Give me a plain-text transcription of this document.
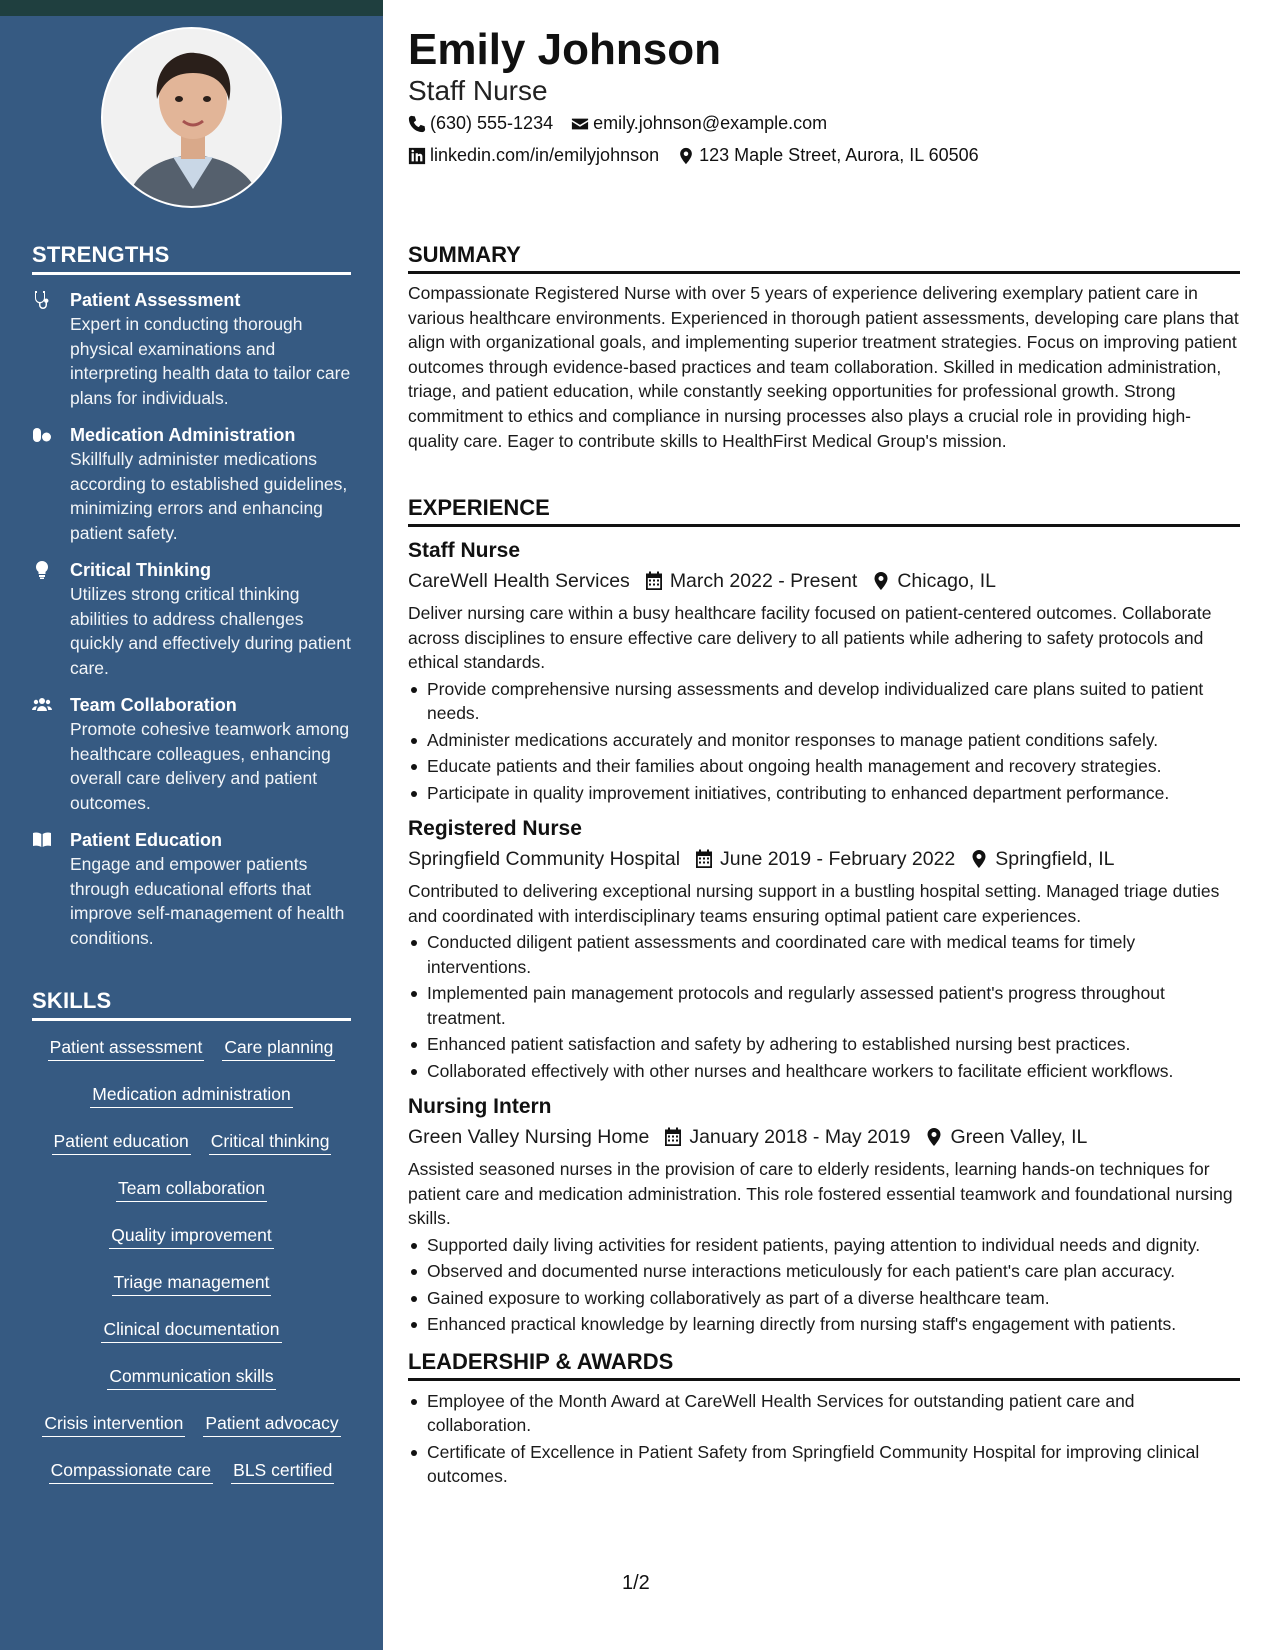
STRENGTHS
Patient Assessment
Expert in conducting thorough physical examinations and interpreting health data to tailor care plans for individuals.
Medication Administration
Skillfully administer medications according to established guidelines, minimizing errors and enhancing patient safety.
Critical Thinking
Utilizes strong critical thinking abilities to address challenges quickly and effectively during patient care.
Team Collaboration
Promote cohesive teamwork among healthcare colleagues, enhancing overall care delivery and patient outcomes.
Patient Education
Engage and empower patients through educational efforts that improve self-management of health conditions.
SKILLS
Patient assessment Care planning
Medication administration
Patient education Critical thinking
Team collaboration
Quality improvement
Triage management
Clinical documentation
Communication skills
Crisis intervention Patient advocacy
Compassionate care BLS certified
Emily Johnson
Staff Nurse
(630) 555-1234 emily.johnson@example.com
linkedin.com/in/emilyjohnson 123 Maple Street, Aurora, IL 60506
SUMMARY

Compassionate Registered Nurse with over 5 years of experience delivering exemplary patient care in various healthcare environments. Experienced in thorough patient assessments, developing care plans that align with organizational goals, and implementing superior treatment strategies. Focus on improving patient outcomes through evidence-based practices and team collaboration. Skilled in medication administration, triage, and patient education, while constantly seeking opportunities for professional growth. Strong commitment to ethics and compliance in nursing processes also plays a crucial role in providing high-quality care. Eager to contribute skills to HealthFirst Medical Group's mission.

EXPERIENCE
Staff Nurse
CareWell Health Services March 2022 - Present Chicago, IL

Deliver nursing care within a busy healthcare facility focused on patient-centered outcomes. Collaborate across disciplines to ensure effective care delivery to all patients while adhering to safety protocols and ethical standards.

Provide comprehensive nursing assessments and develop individualized care plans suited to patient needs.
Administer medications accurately and monitor responses to manage patient conditions safely.
Educate patients and their families about ongoing health management and recovery strategies.
Participate in quality improvement initiatives, contributing to enhanced department performance.
Registered Nurse
Springfield Community Hospital June 2019 - February 2022 Springfield, IL

Contributed to delivering exceptional nursing support in a bustling hospital setting. Managed triage duties and coordinated with interdisciplinary teams ensuring optimal patient care experiences.

Conducted diligent patient assessments and coordinated care with medical teams for timely interventions.
Implemented pain management protocols and regularly assessed patient's progress throughout treatment.
Enhanced patient satisfaction and safety by adhering to established nursing best practices.
Collaborated effectively with other nurses and healthcare workers to facilitate efficient workflows.
Nursing Intern
Green Valley Nursing Home January 2018 - May 2019 Green Valley, IL

Assisted seasoned nurses in the provision of care to elderly residents, learning hands-on techniques for patient care and medication administration. This role fostered essential teamwork and foundational nursing skills.

Supported daily living activities for resident patients, paying attention to individual needs and dignity.
Observed and documented nurse interactions meticulously for each patient's care plan accuracy.
Gained exposure to working collaboratively as part of a diverse healthcare team.
Enhanced practical knowledge by learning directly from nursing staff's engagement with patients.
LEADERSHIP & AWARDS
Employee of the Month Award at CareWell Health Services for outstanding patient care and collaboration.
Certificate of Excellence in Patient Safety from Springfield Community Hospital for improving clinical outcomes.
1/2
